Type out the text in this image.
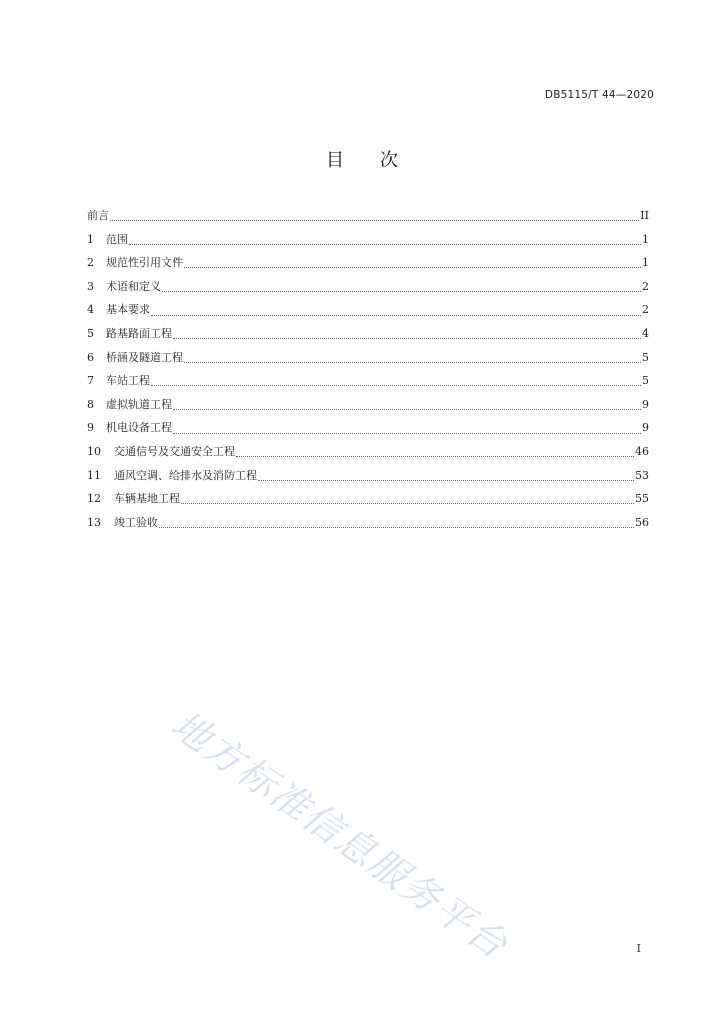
DB5115/T 44—2020
目 次
前言	II
1	范围	1
2	规范性引用文件	1
3	术语和定义	2
4	基本要求	2
5	路基路面工程	4
6	桥涵及隧道工程	5
7	车站工程	5
8	虚拟轨道工程	9
9	机电设备工程	9
10	交通信号及交通安全工程	46
11	通风空调、给排水及消防工程	53
12	车辆基地工程	55
13	竣工验收	56
地方标准信息服务平台	I
